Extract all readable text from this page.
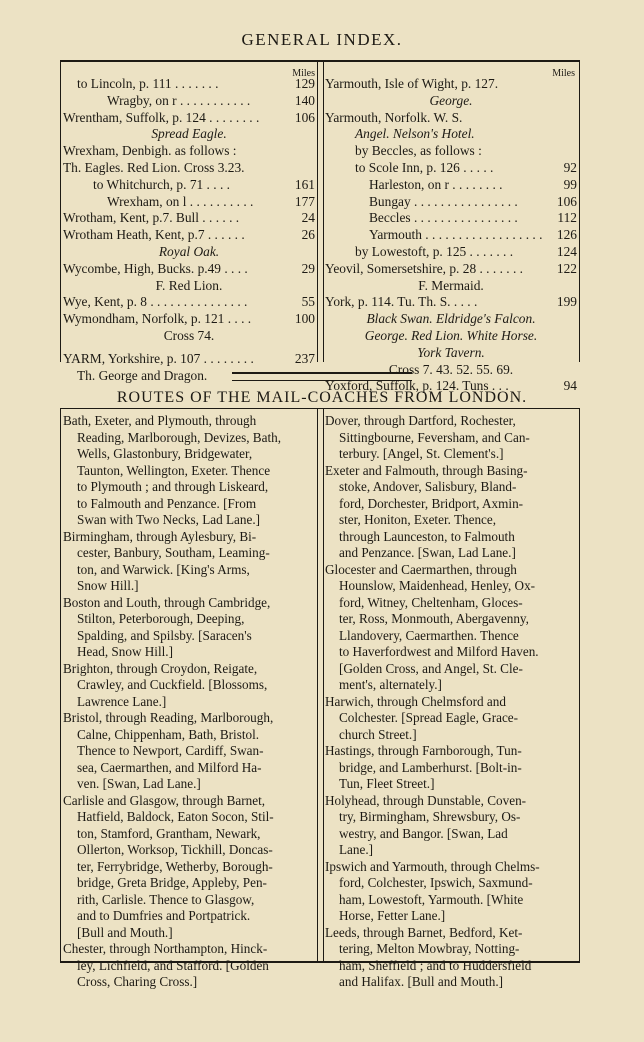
GENERAL INDEX.
Miles
to Lincoln, p. 111 . . . . . . .	129
Wragby, on r . . . . . . . . . . .	140
Wrentham, Suffolk, p. 124 . . . . . . . .	106
Spread Eagle.
Wrexham, Denbigh. as follows :
Th. Eagles. Red Lion. Cross 3.23.
to Whitchurch, p. 71 . . . .	161
Wrexham, on l . . . . . . . . . .	177
Wrotham, Kent, p.7. Bull . . . . . .	24
Wrotham Heath, Kent, p.7 . . . . . .	26
Royal Oak.
Wycombe, High, Bucks. p.49 . . . .	29
F. Red Lion.
Wye, Kent, p. 8 . . . . . . . . . . . . . . .	55
Wymondham, Norfolk, p. 121 . . . .	100
Cross 74.
YARM, Yorkshire, p. 107 . . . . . . . .	237
Th. George and Dragon.
Miles
Yarmouth, Isle of Wight, p. 127.
George.
Yarmouth, Norfolk. W. S.
Angel. Nelson's Hotel.
by Beccles, as follows :
to Scole Inn, p. 126 . . . . .	92
Harleston, on r . . . . . . . .	99
Bungay . . . . . . . . . . . . . . . .	106
Beccles . . . . . . . . . . . . . . . .	112
Yarmouth . . . . . . . . . . . . . . . . . . 126
by Lowestoft, p. 125 . . . . . . .	124
Yeovil, Somersetshire, p. 28 . . . . . . .	122
F. Mermaid.
York, p. 114. Tu. Th. S. . . . .	199
Black Swan. Eldridge's Falcon.
George. Red Lion. White Horse.
York Tavern.
Cross 7. 43. 52. 55. 69.
Yoxford, Suffolk, p. 124. Tuns . . .	94
ROUTES OF THE MAIL-COACHES FROM LONDON.
Bath, Exeter, and Plymouth, through
Reading, Marlborough, Devizes, Bath,
Wells, Glastonbury, Bridgewater,
Taunton, Wellington, Exeter. Thence
to Plymouth ; and through Liskeard,
to Falmouth and Penzance. [From
Swan with Two Necks, Lad Lane.]
Birmingham, through Aylesbury, Bi-
cester, Banbury, Southam, Leaming-
ton, and Warwick. [King's Arms,
Snow Hill.]
Boston and Louth, through Cambridge,
Stilton, Peterborough, Deeping,
Spalding, and Spilsby. [Saracen's
Head, Snow Hill.]
Brighton, through Croydon, Reigate,
Crawley, and Cuckfield. [Blossoms,
Lawrence Lane.]
Bristol, through Reading, Marlborough,
Calne, Chippenham, Bath, Bristol.
Thence to Newport, Cardiff, Swan-
sea, Caermarthen, and Milford Ha-
ven. [Swan, Lad Lane.]
Carlisle and Glasgow, through Barnet,
Hatfield, Baldock, Eaton Socon, Stil-
ton, Stamford, Grantham, Newark,
Ollerton, Worksop, Tickhill, Doncas-
ter, Ferrybridge, Wetherby, Borough-
bridge, Greta Bridge, Appleby, Pen-
rith, Carlisle. Thence to Glasgow,
and to Dumfries and Portpatrick.
[Bull and Mouth.]
Chester, through Northampton, Hinck-
ley, Lichfield, and Stafford. [Golden
Cross, Charing Cross.]
Dover, through Dartford, Rochester,
Sittingbourne, Feversham, and Can-
terbury. [Angel, St. Clement's.]
Exeter and Falmouth, through Basing-
stoke, Andover, Salisbury, Bland-
ford, Dorchester, Bridport, Axmin-
ster, Honiton, Exeter. Thence,
through Launceston, to Falmouth
and Penzance. [Swan, Lad Lane.]
Glocester and Caermarthen, through
Hounslow, Maidenhead, Henley, Ox-
ford, Witney, Cheltenham, Gloces-
ter, Ross, Monmouth, Abergavenny,
Llandovery, Caermarthen. Thence
to Haverfordwest and Milford Haven.
[Golden Cross, and Angel, St. Cle-
ment's, alternately.]
Harwich, through Chelmsford and
Colchester. [Spread Eagle, Grace-
church Street.]
Hastings, through Farnborough, Tun-
bridge, and Lamberhurst. [Bolt-in-
Tun, Fleet Street.]
Holyhead, through Dunstable, Coven-
try, Birmingham, Shrewsbury, Os-
westry, and Bangor. [Swan, Lad
Lane.]
Ipswich and Yarmouth, through Chelms-
ford, Colchester, Ipswich, Saxmund-
ham, Lowestoft, Yarmouth. [White
Horse, Fetter Lane.]
Leeds, through Barnet, Bedford, Ket-
tering, Melton Mowbray, Notting-
ham, Sheffield ; and to Huddersfield
and Halifax. [Bull and Mouth.]
